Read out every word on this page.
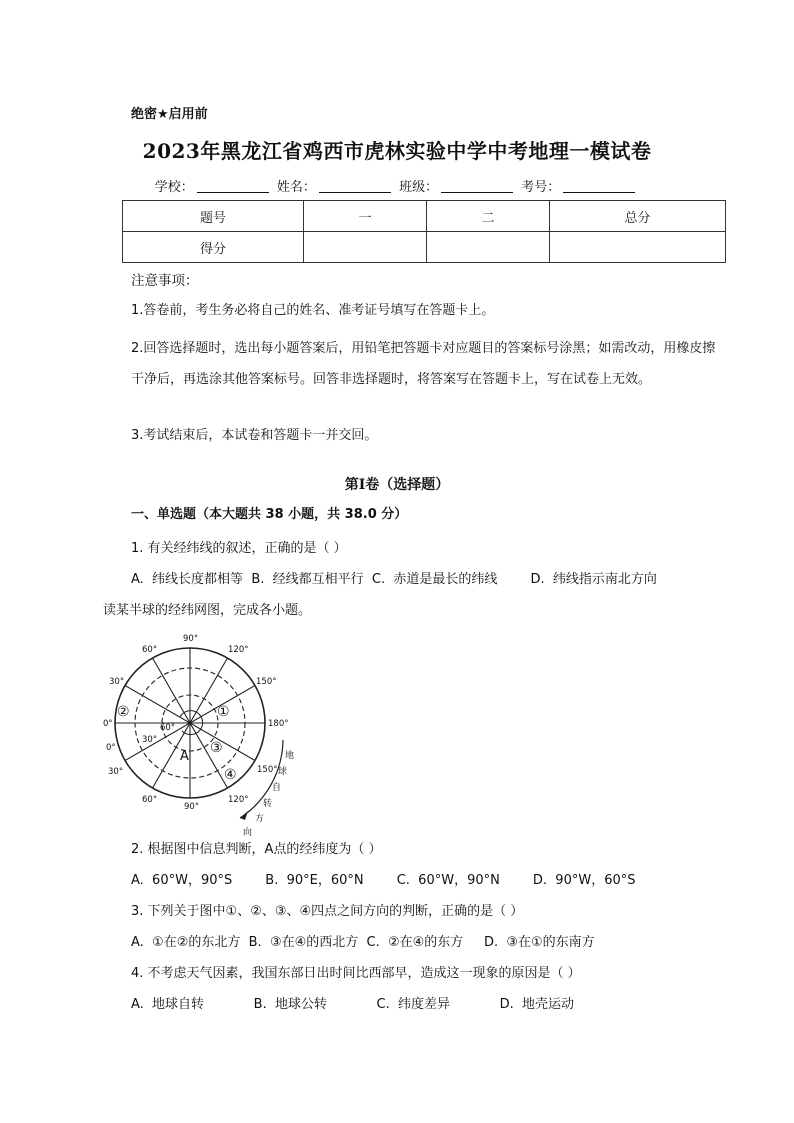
绝密★启用前
2023年黑龙江省鸡西市虎林实验中学中考地理一模试卷
学校：	姓名：	班级：	考号：
题号	一	二	总分
得分			
注意事项：
1.答卷前，考生务必将自己的姓名、准考证号填写在答题卡上。
2.回答选择题时，选出每小题答案后，用铅笔把答题卡对应题目的答案标号涂黑；如需改动，用橡皮擦干净后，再选涂其他答案标号。回答非选择题时，将答案写在答题卡上，写在试卷上无效。
3.考试结束后，本试卷和答题卡一并交回。
第I卷（选择题）
一、单选题（本大题共 38 小题，共 38.0 分）
1. 有关经纬线的叙述，正确的是（ ）
A.  纬线长度都相等  B.  经线都互相平行  C.  赤道是最长的纬线        D.  纬线指示南北方向
读某半球的经纬网图，完成各小题。
90°
60°	120°
30°	150°
0°	180°
0°
150°
30°
60°
90°
120°
30°
60°
①
②
③
④
A	地
球
自
转
方
向
2. 根据图中信息判断，A点的经纬度为（ ）
A.  60°W，90°S        B.  90°E，60°N        C.  60°W，90°N        D.  90°W，60°S
3. 下列关于图中①、②、③、④四点之间方向的判断，正确的是（ ）
A.  ①在②的东北方  B.  ③在④的西北方  C.  ②在④的东方     D.  ③在①的东南方
4. 不考虑天气因素，我国东部日出时间比西部早，造成这一现象的原因是（ ）
A.  地球自转            B.  地球公转            C.  纬度差异            D.  地壳运动
